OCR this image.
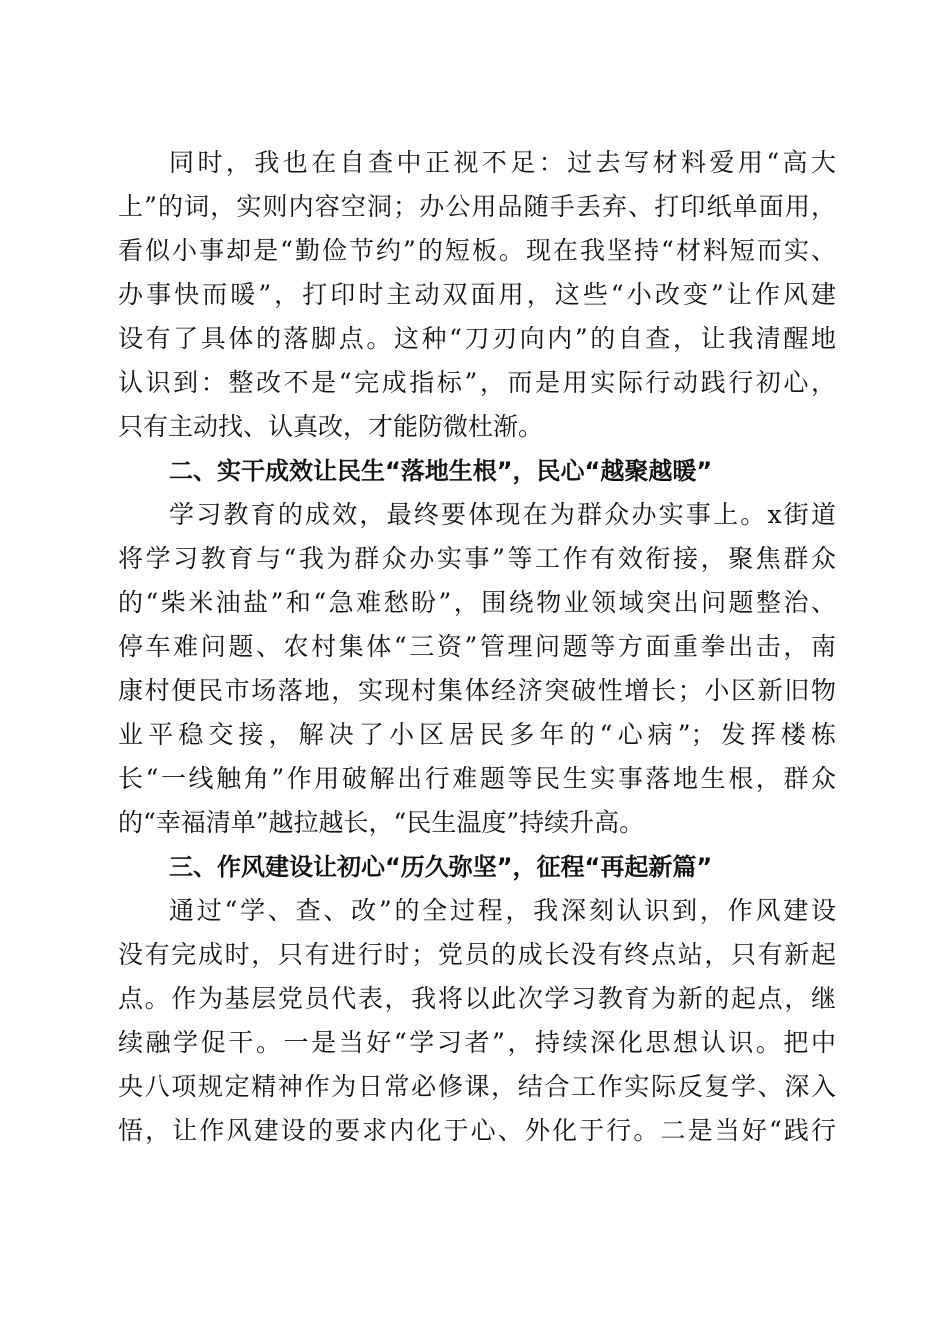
同时，我也在自查中正视不足：过去写材料爱用“高大
上”的词，实则内容空洞；办公用品随手丢弃、打印纸单面用，
看似小事却是“勤俭节约”的短板。现在我坚持“材料短而实、
办事快而暖”，打印时主动双面用，这些“小改变”让作风建
设有了具体的落脚点。这种“刀刃向内”的自查，让我清醒地
认识到：整改不是“完成指标”，而是用实际行动践行初心，
只有主动找、认真改，才能防微杜渐。
二、实干成效让民生“落地生根”，民心“越聚越暖”
学习教育的成效，最终要体现在为群众办实事上。x街道
将学习教育与“我为群众办实事”等工作有效衔接，聚焦群众
的“柴米油盐”和“急难愁盼”，围绕物业领域突出问题整治、
停车难问题、农村集体“三资”管理问题等方面重拳出击，南
康村便民市场落地，实现村集体经济突破性增长；小区新旧物
业平稳交接，解决了小区居民多年的“心病”；发挥楼栋
长“一线触角”作用破解出行难题等民生实事落地生根，群众
的“幸福清单”越拉越长，“民生温度”持续升高。
三、作风建设让初心“历久弥坚”，征程“再起新篇”
通过“学、查、改”的全过程，我深刻认识到，作风建设
没有完成时，只有进行时；党员的成长没有终点站，只有新起
点。作为基层党员代表，我将以此次学习教育为新的起点，继
续融学促干。一是当好“学习者”，持续深化思想认识。把中
央八项规定精神作为日常必修课，结合工作实际反复学、深入
悟，让作风建设的要求内化于心、外化于行。二是当好“践行
